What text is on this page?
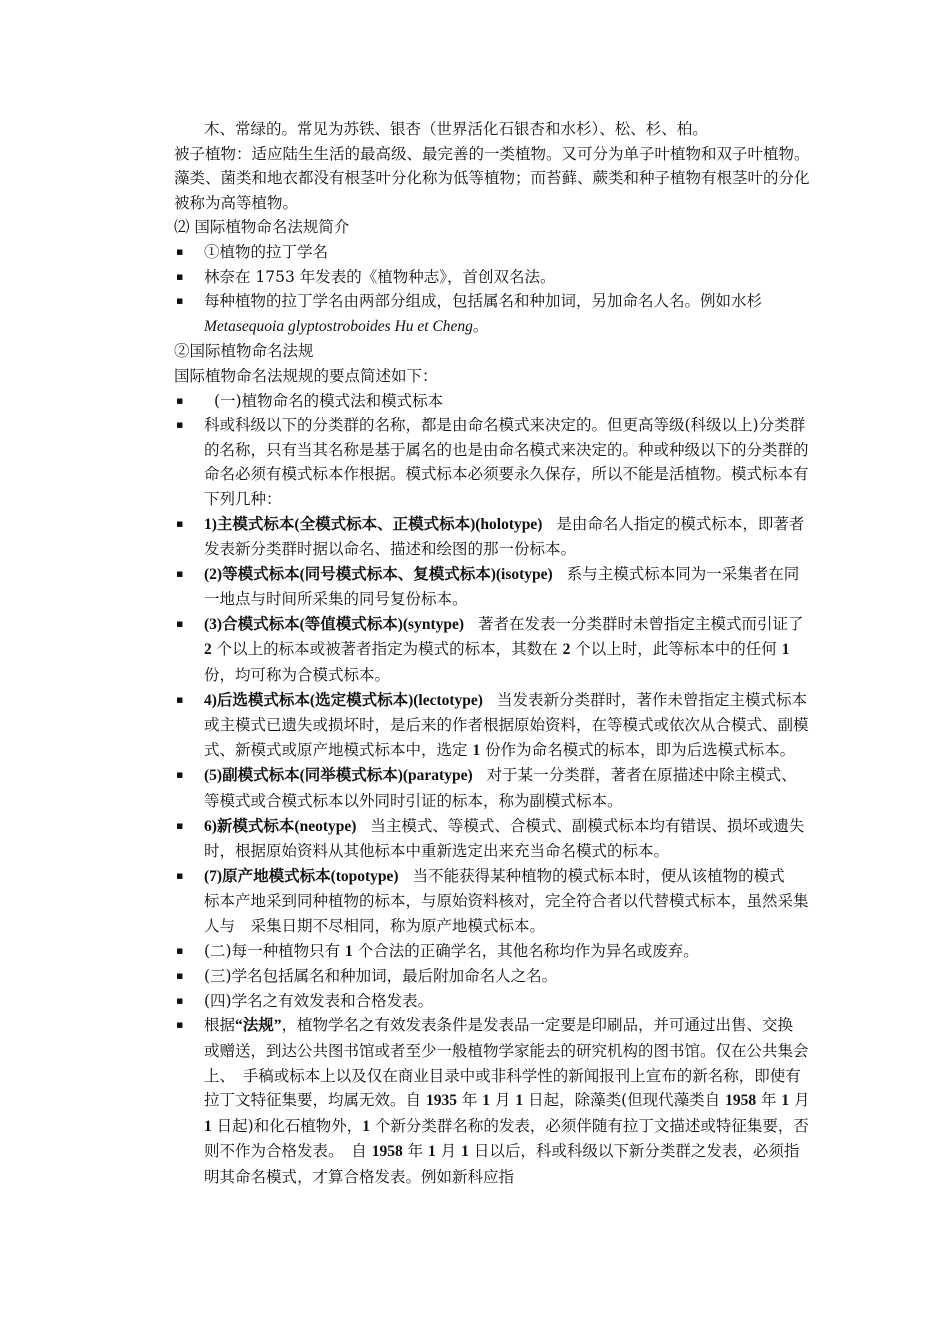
木、常绿的。常见为苏铁、银杏（世界活化石银杏和水杉）、松、杉、柏。

被子植物：适应陆生生活的最高级、最完善的一类植物。又可分为单子叶植物和双子叶植物。藻类、菌类和地衣都没有根茎叶分化称为低等植物；而苔藓、蕨类和种子植物有根茎叶的分化被称为高等植物。

⑵ 国际植物命名法规简介

▪
①植物的拉丁学名

▪
林奈在 1753 年发表的《植物种志》，首创双名法。

▪
每种植物的拉丁学名由两部分组成，包括属名和种加词，另加命名人名。例如水杉 Metasequoia glyptostroboides Hu et Cheng。

②国际植物命名法规

国际植物命名法规规的要点简述如下：

▪
(一)植物命名的模式法和模式标本

▪
科或科级以下的分类群的名称，都是由命名模式来决定的。但更高等级(科级以上)分类群的名称，只有当其名称是基于属名的也是由命名模式来决定的。种或种级以下的分类群的命名必须有模式标本作根据。模式标本必须要永久保存，所以不能是活植物。模式标本有下列几种：

▪
1)主模式标本(全模式标本、正模式标本)(holotype) 是由命名人指定的模式标本，即著者发表新分类群时据以命名、描述和绘图的那一份标本。

▪
(2)等模式标本(同号模式标本、复模式标本)(isotype) 系与主模式标本同为一采集者在同一地点与时间所采集的同号复份标本。

▪
(3)合模式标本(等值模式标本)(syntype) 著者在发表一分类群时未曾指定主模式而引证了 2 个以上的标本或被著者指定为模式的标本，其数在 2 个以上时，此等标本中的任何 1 份，均可称为合模式标本。

▪
4)后选模式标本(选定模式标本)(lectotype) 当发表新分类群时，著作未曾指定主模式标本或主模式已遗失或损坏时，是后来的作者根据原始资料，在等模式或依次从合模式、副模　式、新模式或原产地模式标本中，选定 1 份作为命名模式的标本，即为后选模式标本。

▪
(5)副模式标本(同举模式标本)(paratype) 对于某一分类群，著者在原描述中除主模式、等模式或合模式标本以外同时引证的标本，称为副模式标本。

▪
6)新模式标本(neotype) 当主模式、等模式、合模式、副模式标本均有错误、损坏或遗失时，根据原始资料从其他标本中重新选定出来充当命名模式的标本。

▪
(7)原产地模式标本(topotype) 当不能获得某种植物的模式标本时，便从该植物的模式　标本产地采到同种植物的标本，与原始资料核对，完全符合者以代替模式标本，虽然采集人与　采集日期不尽相同，称为原产地模式标本。

▪
(二)每一种植物只有 1 个合法的正确学名，其他名称均作为异名或废弃。

▪
(三)学名包括属名和种加词，最后附加命名人之名。

▪
(四)学名之有效发表和合格发表。

▪
根据“法规”，植物学名之有效发表条件是发表品一定要是印刷品，并可通过出售、交换　或赠送，到达公共图书馆或者至少一般植物学家能去的研究机构的图书馆。仅在公共集会上、　手稿或标本上以及仅在商业目录中或非科学性的新闻报刊上宣布的新名称，即使有拉丁文特征集要，均属无效。自 1935 年 1 月 1 日起，除藻类(但现代藻类自 1958 年 1 月 1 日起)和化石植物外，1 个新分类群名称的发表，必须伴随有拉丁文描述或特征集要，否则不作为合格发表。　自 1958 年 1 月 1 日以后，科或科级以下新分类群之发表，必须指明其命名模式，才算合格发表。例如新科应指
